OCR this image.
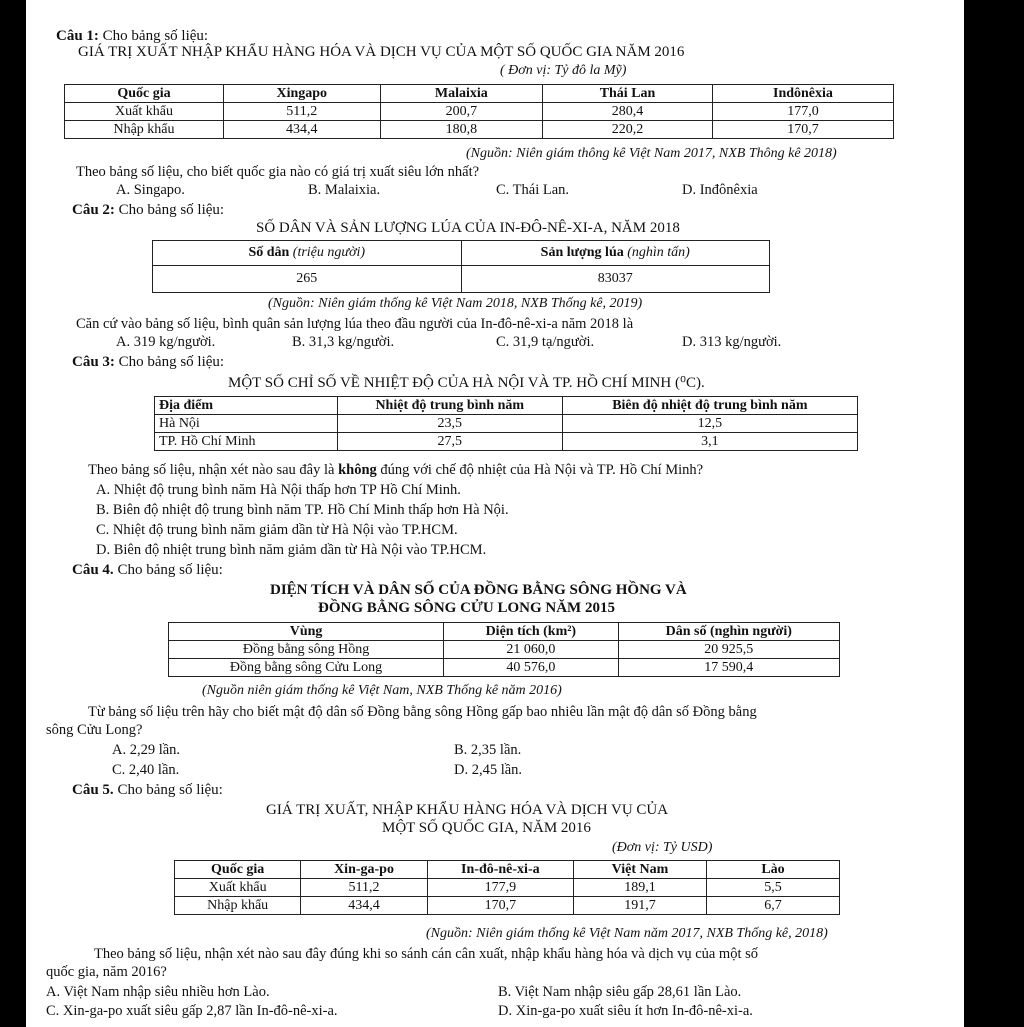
Câu 1: Cho bảng số liệu:
GIÁ TRỊ XUẤT NHẬP KHẨU HÀNG HÓA VÀ DỊCH VỤ CỦA MỘT SỐ QUỐC GIA NĂM 2016
( Đơn vị: Tỷ đô la Mỹ)
Quốc gia	Xingapo	Malaixia	Thái Lan	Indônêxia
Xuất khẩu	511,2	200,7	280,4	177,0
Nhập khẩu	434,4	180,8	220,2	170,7
(Nguồn: Niên giám thông kê Việt Nam 2017, NXB Thông kê 2018)
Theo bảng số liệu, cho biết quốc gia nào có giá trị xuất siêu lớn nhất?
A. Singapo.	B. Malaixia.	C. Thái Lan.	D. Inđônêxia
Câu 2: Cho bảng số liệu:
SỐ DÂN VÀ SẢN LƯỢNG LÚA CỦA IN-ĐÔ-NÊ-XI-A, NĂM 2018
Số dân (triệu người)	Sản lượng lúa (nghìn tấn)
265	83037
(Nguồn: Niên giám thống kê Việt Nam 2018, NXB Thống kê, 2019)
Căn cứ vào bảng số liệu, bình quân sản lượng lúa theo đầu người của In-đô-nê-xi-a năm 2018 là
A. 319 kg/người.	B. 31,3 kg/người.	C. 31,9 tạ/người.	D. 313 kg/người.
Câu 3: Cho bảng số liệu:
MỘT SỐ CHỈ SỐ VỀ NHIỆT ĐỘ CỦA HÀ NỘI VÀ TP. HỒ CHÍ MINH (⁰C).
Địa điểm	Nhiệt độ trung bình năm	Biên độ nhiệt độ trung bình năm
Hà Nội	23,5	12,5
TP. Hồ Chí Minh	27,5	3,1
Theo bảng số liệu, nhận xét nào sau đây là không đúng với chế độ nhiệt của Hà Nội và TP. Hồ Chí Minh?
A. Nhiệt độ trung bình năm Hà Nội thấp hơn TP Hồ Chí Minh.
B. Biên độ nhiệt độ trung bình năm TP. Hồ Chí Minh thấp hơn Hà Nội.
C. Nhiệt độ trung bình năm giảm dần từ Hà Nội vào TP.HCM.
D. Biên độ nhiệt trung bình năm giảm dần từ Hà Nội vào TP.HCM.
Câu 4. Cho bảng số liệu:
DIỆN TÍCH VÀ DÂN SỐ CỦA ĐỒNG BẰNG SÔNG HỒNG VÀ
ĐỒNG BẰNG SÔNG CỬU LONG NĂM 2015
Vùng	Diện tích (km²)	Dân số (nghìn người)
Đồng bằng sông Hồng	21 060,0	20 925,5
Đồng bằng sông Cửu Long	40 576,0	17 590,4
(Nguồn niên giám thống kê Việt Nam, NXB Thống kê năm 2016)
Từ bảng số liệu trên hãy cho biết mật độ dân số Đồng bằng sông Hồng gấp bao nhiêu lần mật độ dân số Đồng bằng
sông Cửu Long?
A. 2,29 lần.	B. 2,35 lần.
C. 2,40 lần.	D. 2,45 lần.
Câu 5. Cho bảng số liệu:
GIÁ TRỊ XUẤT, NHẬP KHẨU HÀNG HÓA VÀ DỊCH VỤ CỦA
MỘT SỐ QUỐC GIA, NĂM 2016
(Đơn vị: Tỷ USD)
Quốc gia	Xin-ga-po	In-đô-nê-xi-a	Việt Nam	Lào
Xuất khẩu	511,2	177,9	189,1	5,5
Nhập khẩu	434,4	170,7	191,7	6,7
(Nguồn: Niên giám thống kê Việt Nam năm 2017, NXB Thống kê, 2018)
Theo bảng số liệu, nhận xét nào sau đây đúng khi so sánh cán cân xuất, nhập khẩu hàng hóa và dịch vụ của một số
quốc gia, năm 2016?
A. Việt Nam nhập siêu nhiều hơn Lào.	B. Việt Nam nhập siêu gấp 28,61 lần Lào.
C. Xin-ga-po xuất siêu gấp 2,87 lần In-đô-nê-xi-a.	D. Xin-ga-po xuất siêu ít hơn In-đô-nê-xi-a.
